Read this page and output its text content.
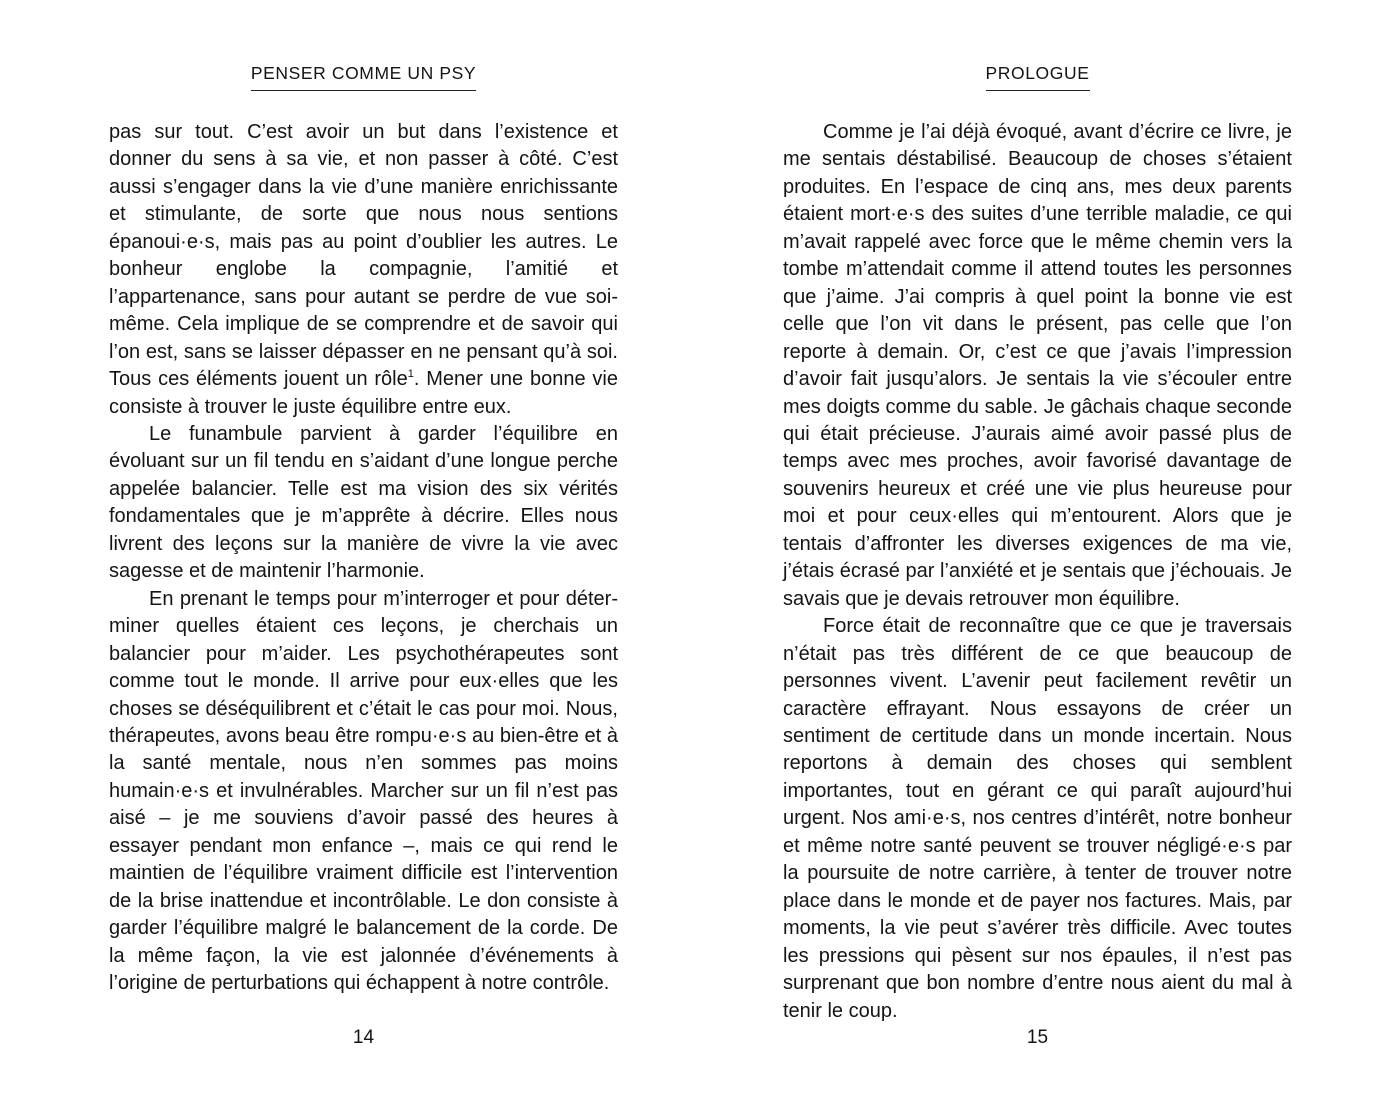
PENSER COMME UN PSY

pas sur tout. C’est avoir un but dans l’existence et donner du sens à sa vie, et non passer à côté. C’est aussi s’engager dans la vie d’une manière enrichissante et stimulante, de sorte que nous nous sentions épanoui·e·s, mais pas au point d’oublier les autres. Le bonheur englobe la compagnie, l’amitié et l’appartenance, sans pour autant se perdre de vue soi-même. Cela implique de se comprendre et de savoir qui l’on est, sans se laisser dépasser en ne pensant qu’à soi. Tous ces éléments jouent un rôle$^1$. Mener une bonne vie consiste à trouver le juste équilibre entre eux.

Le funambule parvient à garder l’équilibre en évoluant sur un fil tendu en s’aidant d’une longue perche appelée balancier. Telle est ma vision des six vérités fondamentales que je m’apprête à décrire. Elles nous livrent des leçons sur la manière de vivre la vie avec sagesse et de maintenir l’harmonie.

En prenant le temps pour m’interroger et pour déterminer quelles étaient ces leçons, je cherchais un balancier pour m’aider. Les psychothérapeutes sont comme tout le monde. Il arrive pour eux·elles que les choses se déséquilibrent et c’était le cas pour moi. Nous, thérapeutes, avons beau être rompu·e·s au bien-être et à la santé mentale, nous n’en sommes pas moins humain·e·s et invulnérables. Marcher sur un fil n’est pas aisé – je me souviens d’avoir passé des heures à essayer pendant mon enfance –, mais ce qui rend le maintien de l’équilibre vraiment difficile est l’intervention de la brise inattendue et incontrôlable. Le don consiste à garder l’équilibre malgré le balancement de la corde. De la même façon, la vie est jalonnée d’événements à l’origine de perturbations qui échappent à notre contrôle.

14
PROLOGUE

Comme je l’ai déjà évoqué, avant d’écrire ce livre, je me sentais déstabilisé. Beaucoup de choses s’étaient produites. En l’espace de cinq ans, mes deux parents étaient mort·e·s des suites d’une terrible maladie, ce qui m’avait rappelé avec force que le même chemin vers la tombe m’attendait comme il attend toutes les personnes que j’aime. J’ai compris à quel point la bonne vie est celle que l’on vit dans le présent, pas celle que l’on reporte à demain. Or, c’est ce que j’avais l’impression d’avoir fait jusqu’alors. Je sentais la vie s’écouler entre mes doigts comme du sable. Je gâchais chaque seconde qui était précieuse. J’aurais aimé avoir passé plus de temps avec mes proches, avoir favorisé davantage de souvenirs heureux et créé une vie plus heureuse pour moi et pour ceux·elles qui m’entourent. Alors que je tentais d’affronter les diverses exigences de ma vie, j’étais écrasé par l’anxiété et je sentais que j’échouais. Je savais que je devais retrouver mon équilibre.

Force était de reconnaître que ce que je traversais n’était pas très différent de ce que beaucoup de personnes vivent. L’avenir peut facilement revêtir un caractère effrayant. Nous essayons de créer un sentiment de certitude dans un monde incertain. Nous reportons à demain des choses qui semblent importantes, tout en gérant ce qui paraît aujourd’hui urgent. Nos ami·e·s, nos centres d’intérêt, notre bonheur et même notre santé peuvent se trouver négligé·e·s par la poursuite de notre carrière, à tenter de trouver notre place dans le monde et de payer nos factures. Mais, par moments, la vie peut s’avérer très difficile. Avec toutes les pressions qui pèsent sur nos épaules, il n’est pas surprenant que bon nombre d’entre nous aient du mal à tenir le coup.

15
